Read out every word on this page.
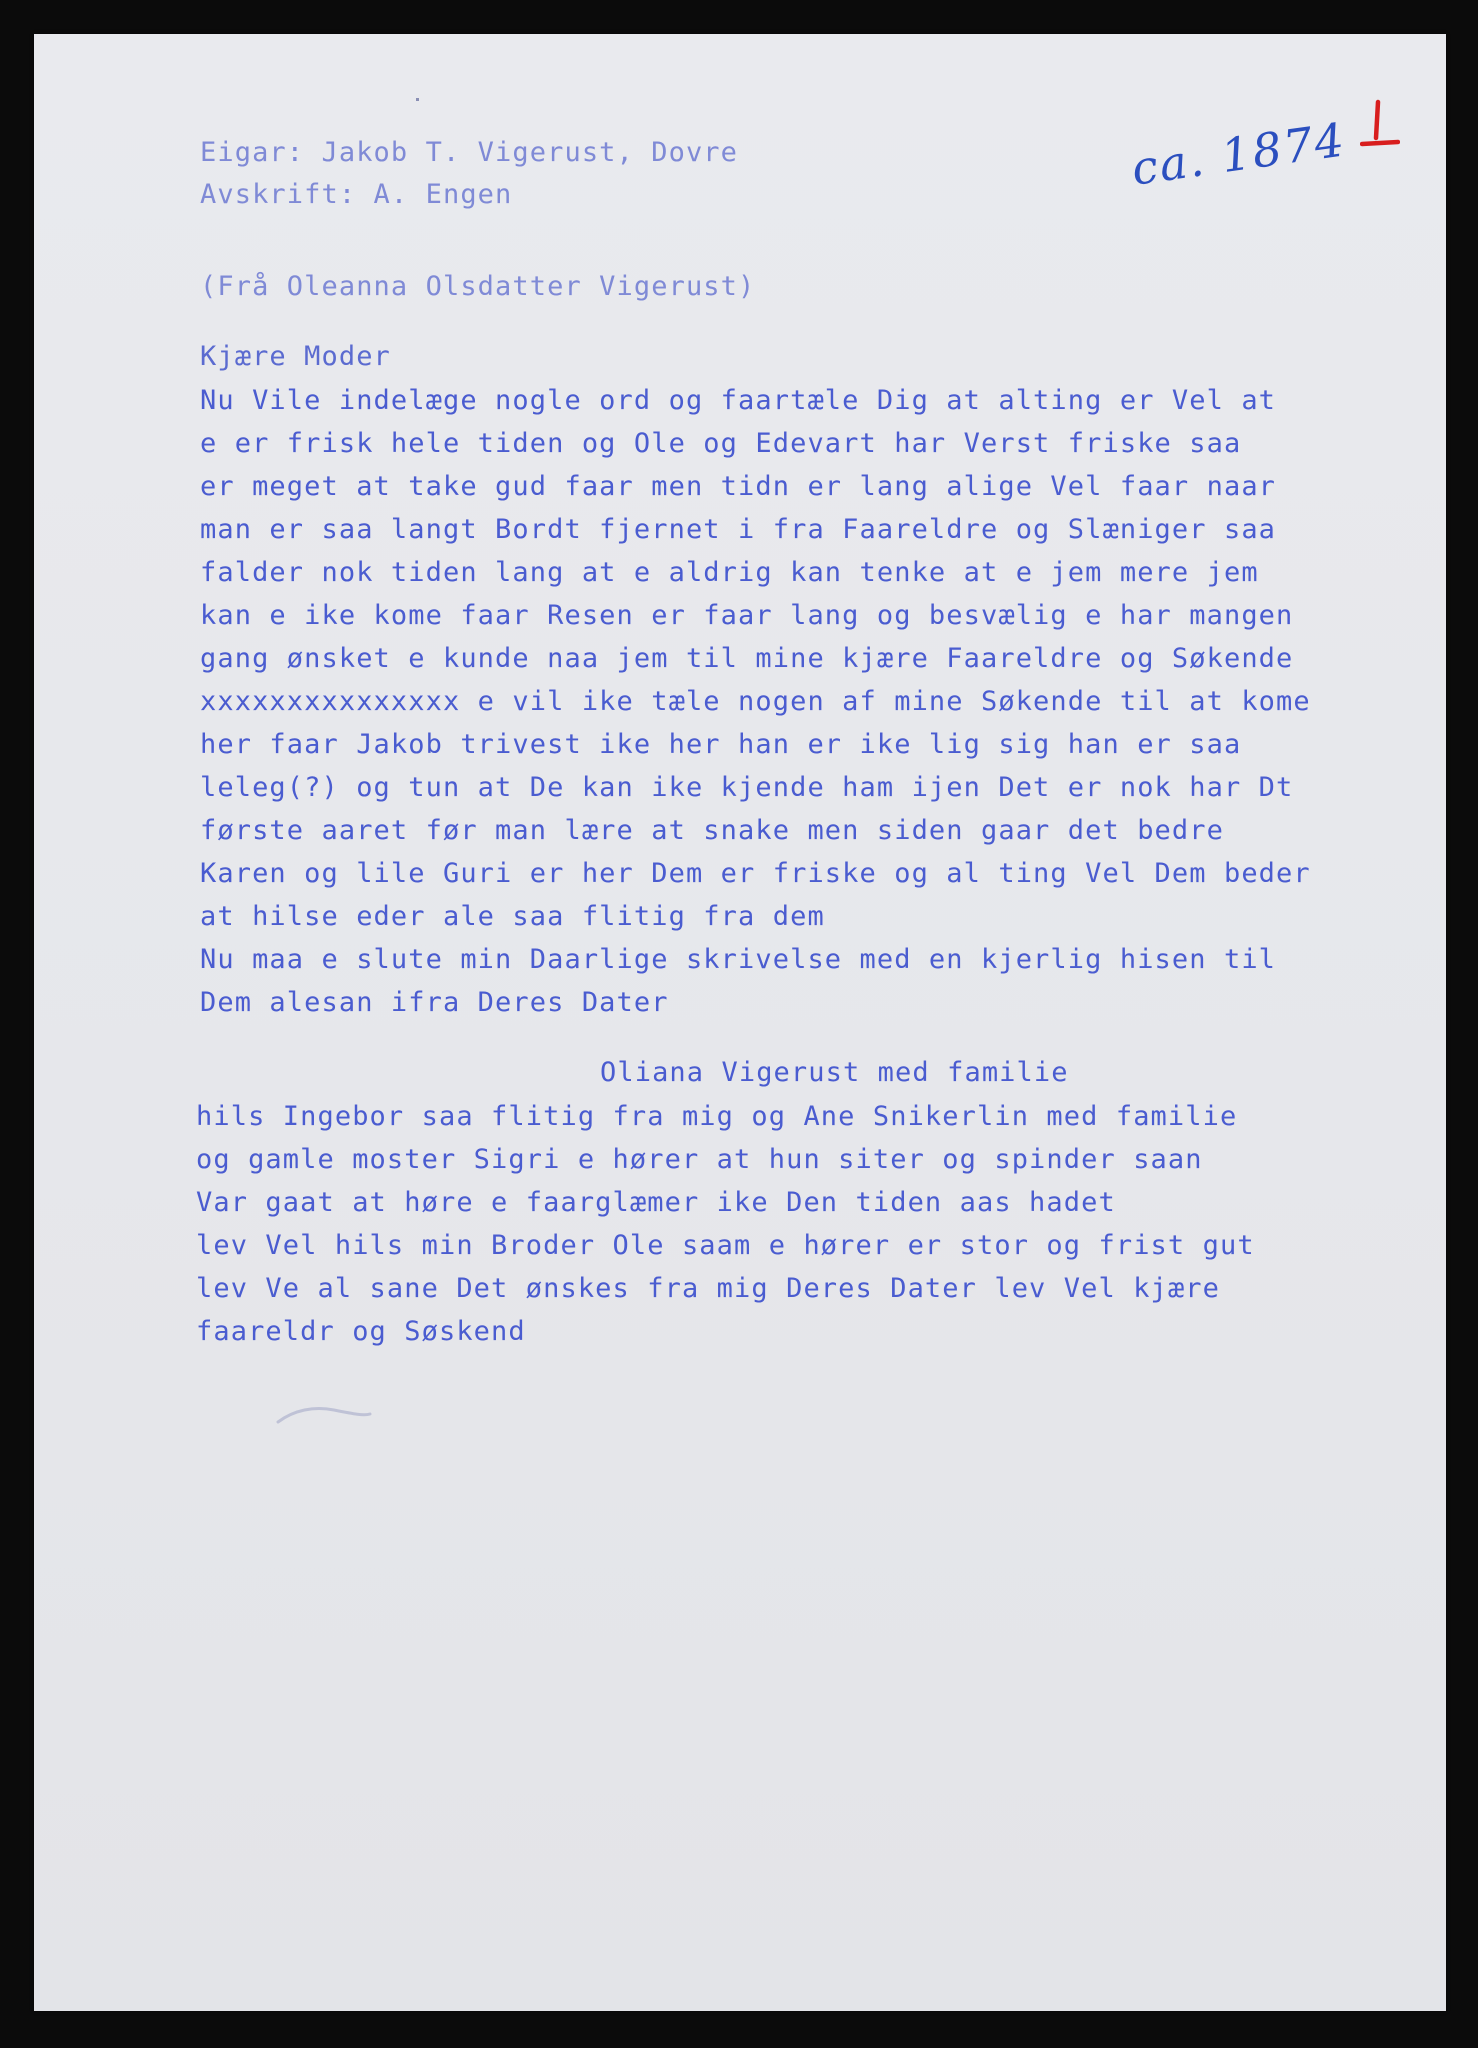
ca. 1874

Eigar: Jakob T. Vigerust, Dovre

Avskrift: A. Engen

(Frå Oleanna Olsdatter Vigerust)

Kjære Moder

Nu Vile indelæge nogle ord og faartæle Dig at alting er Vel at

e er frisk hele tiden og Ole og Edevart har Verst friske saa

er meget at take gud faar men tidn er lang alige Vel faar naar

man er saa langt Bordt fjernet i fra Faareldre og Slæniger saa

falder nok tiden lang at e aldrig kan tenke at e jem mere jem

kan e ike kome faar Resen er faar lang og besvælig e har mangen

gang ønsket e kunde naa jem til mine kjære Faareldre og Søkende

xxxxxxxxxxxxxxx e vil ike tæle nogen af mine Søkende til at kome

her faar Jakob trivest ike her han er ike lig sig han er saa

leleg(?) og tun at De kan ike kjende ham ijen Det er nok har Dt

første aaret før man lære at snake men siden gaar det bedre

Karen og lile Guri er her Dem er friske og al ting Vel Dem beder

at hilse eder ale saa flitig fra dem

Nu maa e slute min Daarlige skrivelse med en kjerlig hisen til

Dem alesan ifra Deres Dater

Oliana Vigerust med familie

hils Ingebor saa flitig fra mig og Ane Snikerlin med familie

og gamle moster Sigri e hører at hun siter og spinder saan

Var gaat at høre e faarglæmer ike Den tiden aas hadet

lev Vel hils min Broder Ole saam e hører er stor og frist gut

lev Ve al sane Det ønskes fra mig Deres Dater lev Vel kjære

faareldr og Søskend
